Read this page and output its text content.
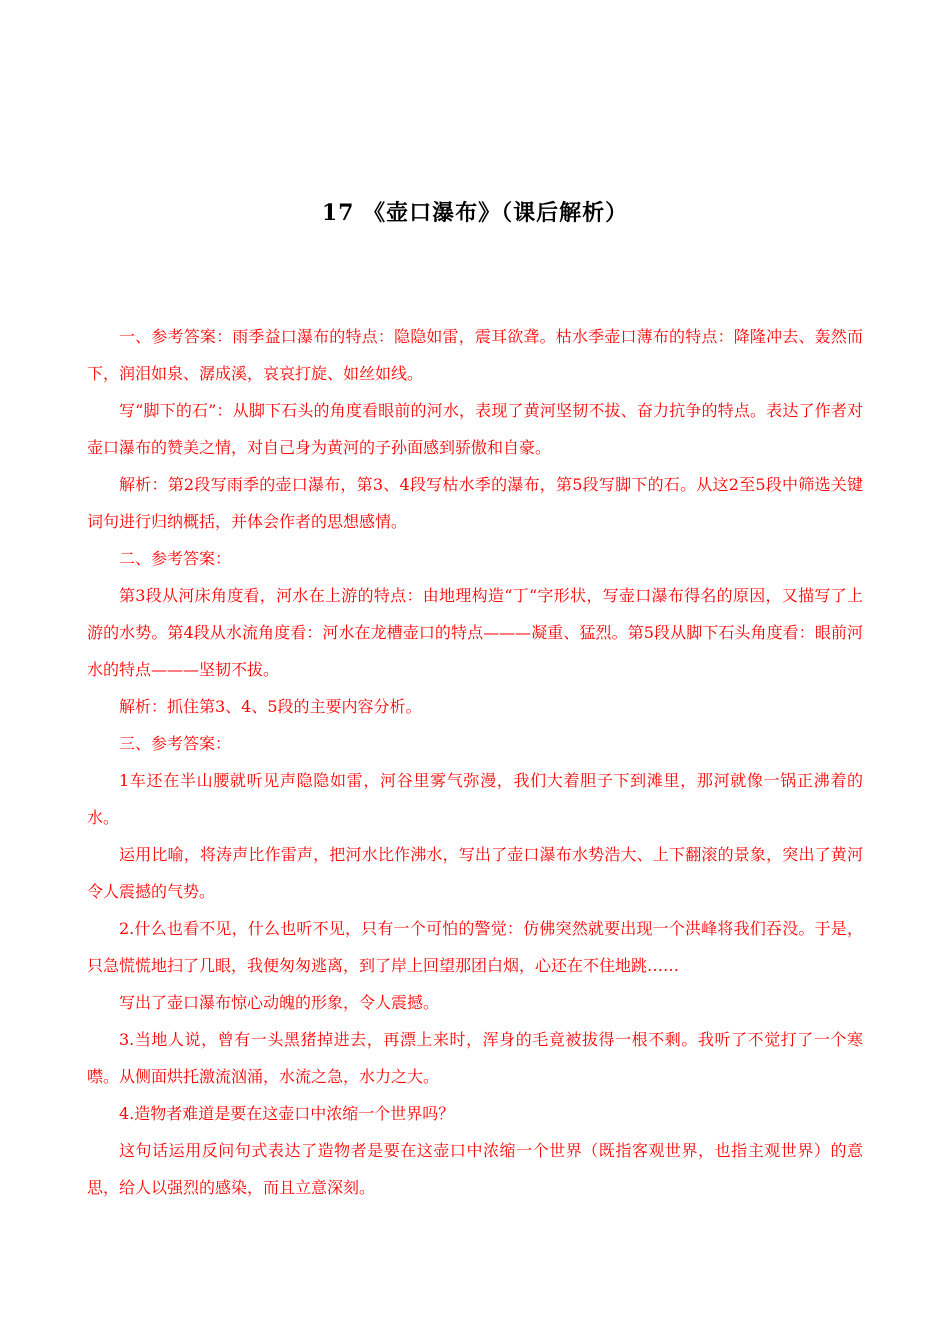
17 《壶口瀑布》（课后解析）

一、参考答案：雨季益口瀑布的特点：隐隐如雷，震耳欲聋。枯水季壶口薄布的特点：降隆冲去、轰然而下，润泪如泉、潺成溪，哀哀打旋、如丝如线。

写“脚下的石”：从脚下石头的角度看眼前的河水，表现了黄河坚韧不拔、奋力抗争的特点。表达了作者对壶口瀑布的赞美之情，对自己身为黄河的子孙面感到骄傲和自豪。

解析：第2段写雨季的壶口瀑布，第3、4段写枯水季的瀑布，第5段写脚下的石。从这2至5段中筛选关键词句进行归纳概括，并体会作者的思想感情。

二、参考答案：

第3段从河床角度看，河水在上游的特点：由地理构造“丁“字形状，写壶口瀑布得名的原因，又描写了上游的水势。第4段从水流角度看：河水在龙槽壶口的特点———凝重、猛烈。第5段从脚下石头角度看：眼前河水的特点———坚韧不拔。

解析：抓住第3、4、5段的主要内容分析。

三、参考答案：

1车还在半山腰就听见声隐隐如雷，河谷里雾气弥漫，我们大着胆子下到滩里，那河就像一锅正沸着的水。

运用比喻，将涛声比作雷声，把河水比作沸水，写出了壶口瀑布水势浩大、上下翻滚的景象，突出了黄河令人震撼的气势。

2.什么也看不见，什么也听不见，只有一个可怕的警觉：仿佛突然就要出现一个洪峰将我们吞没。于是，只急慌慌地扫了几眼，我便匆匆逃离，到了岸上回望那团白烟，心还在不住地跳……

写出了壶口瀑布惊心动魄的形象，令人震撼。

3.当地人说，曾有一头黑猪掉进去，再漂上来时，浑身的毛竟被拔得一根不剩。我听了不觉打了一个寒噤。从侧面烘托激流汹涌，水流之急，水力之大。

4.造物者难道是要在这壶口中浓缩一个世界吗？

这句话运用反问句式表达了造物者是要在这壶口中浓缩一个世界（既指客观世界，也指主观世界）的意思，给人以强烈的感染，而且立意深刻。
